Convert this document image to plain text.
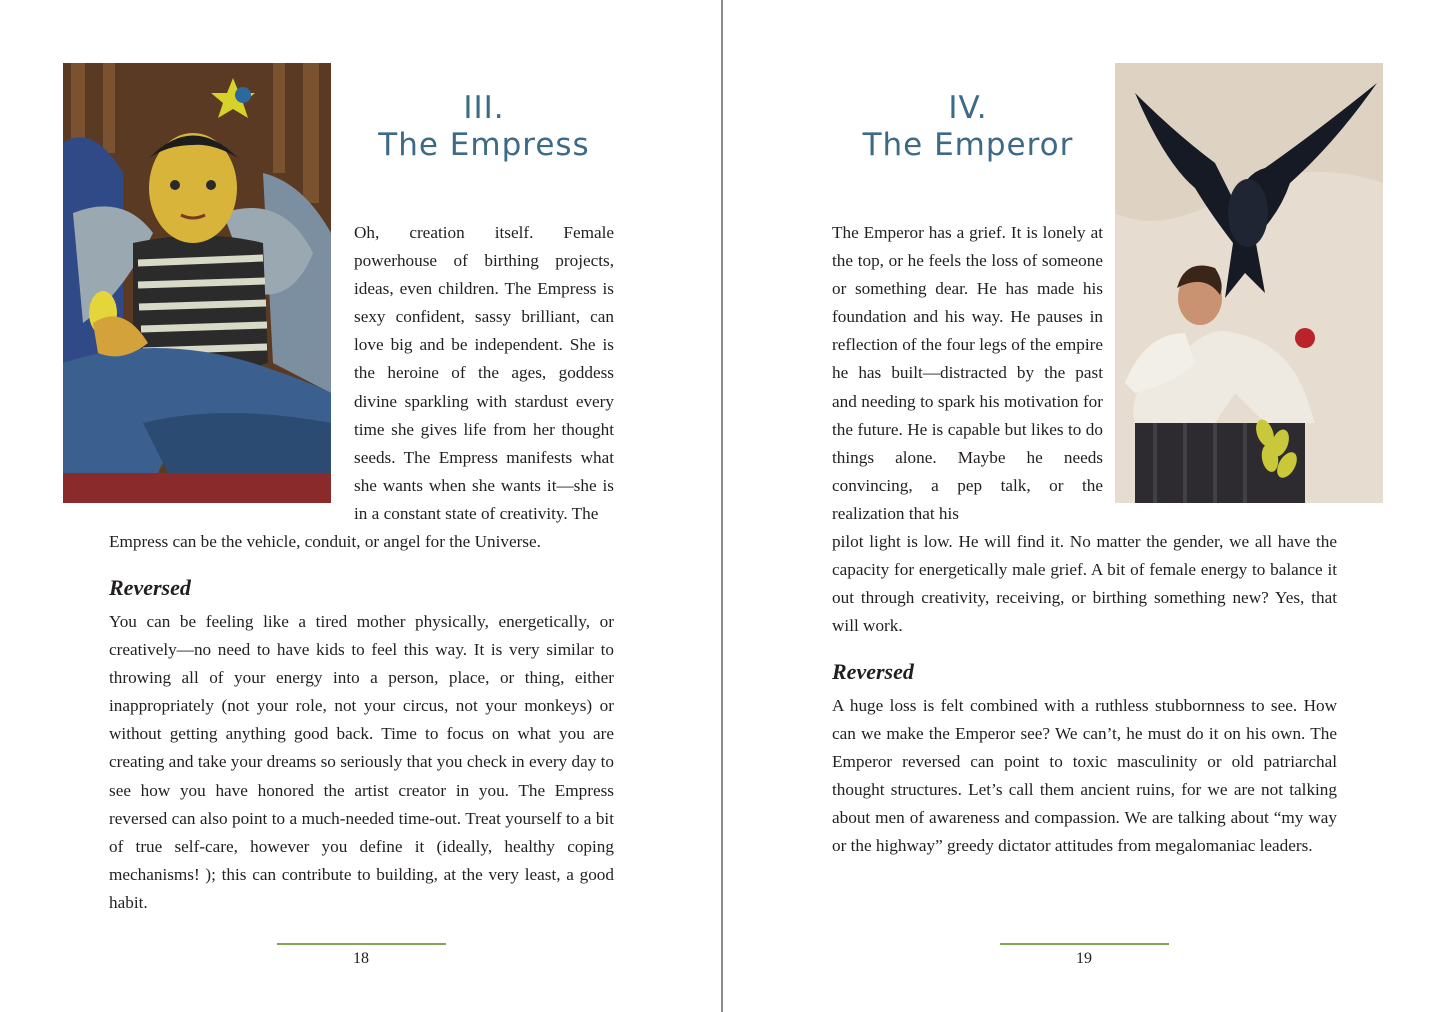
III.
The Empress

Oh, creation itself. Female powerhouse of birthing projects, ideas, even children. The Empress is sexy confident, sassy brilliant, can love big and be independent. She is the heroine of the ages, goddess divine sparkling with stardust every time she gives life from her thought seeds. The Empress manifests what she wants when she wants it—she is in a constant state of creativity. The

Empress can be the vehicle, conduit, or angel for the Universe.

Reversed

You can be feeling like a tired mother physically, energetically, or creatively—no need to have kids to feel this way. It is very similar to throwing all of your energy into a person, place, or thing, either inappropriately (not your role, not your circus, not your monkeys) or without getting anything good back. Time to focus on what you are creating and take your dreams so seriously that you check in every day to see how you have honored the artist creator in you. The Empress reversed can also point to a much-needed time-out. Treat yourself to a bit of true self-care, however you define it (ideally, healthy coping mechanisms! ); this can contribute to building, at the very least, a good habit.

18
IV.
The Emperor

The Emperor has a grief. It is lonely at the top, or he feels the loss of someone or something dear. He has made his foundation and his way. He pauses in reflection of the four legs of the empire he has built—distracted by the past and needing to spark his motivation for the future. He is capable but likes to do things alone. Maybe he needs convincing, a pep talk, or the realization that his

pilot light is low. He will find it. No matter the gender, we all have the capacity for energetically male grief. A bit of female energy to balance it out through creativity, receiving, or birthing something new? Yes, that will work.

Reversed

A huge loss is felt combined with a ruthless stubbornness to see. How can we make the Emperor see? We can’t, he must do it on his own. The Emperor reversed can point to toxic masculinity or old patriarchal thought structures. Let’s call them ancient ruins, for we are not talking about men of awareness and compassion. We are talking about “my way or the highway” greedy dictator attitudes from megalomaniac leaders.

19
